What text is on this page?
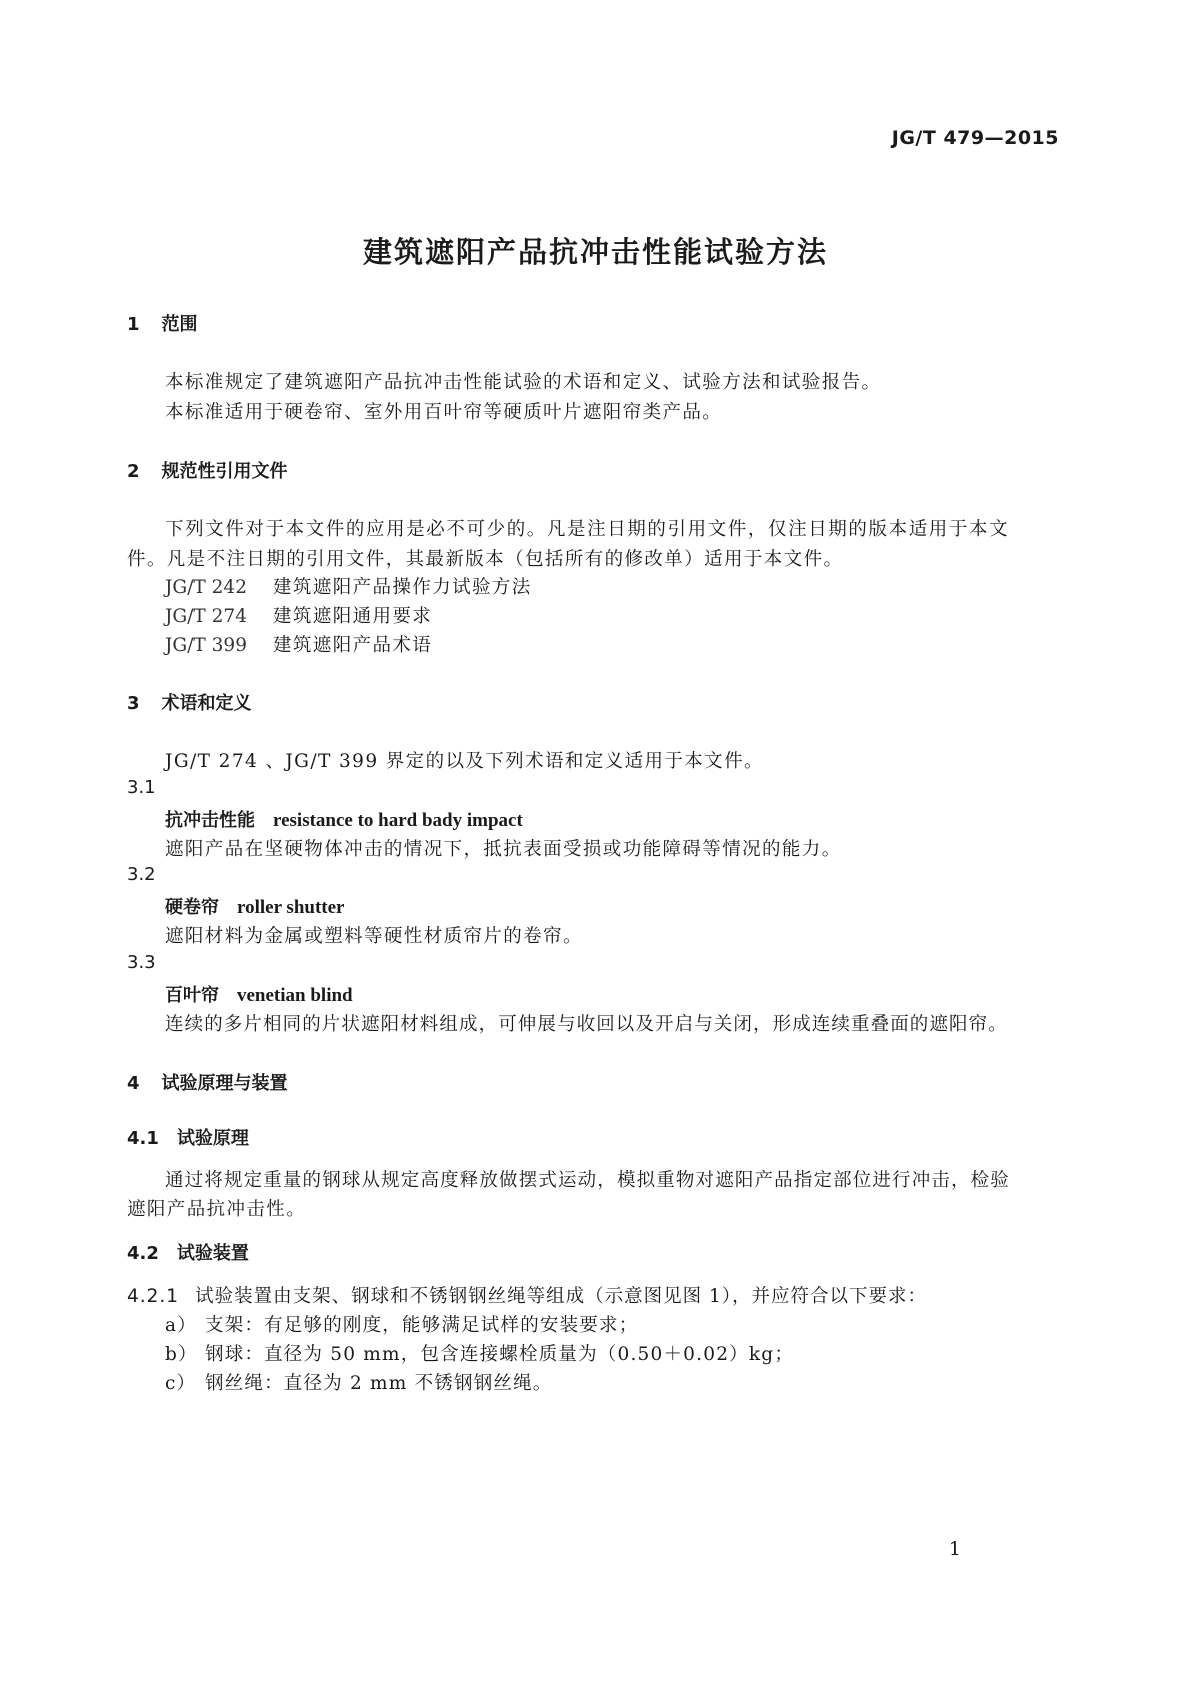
JG/T 479—2015
建筑遮阳产品抗冲击性能试验方法
1 范围
本标准规定了建筑遮阳产品抗冲击性能试验的术语和定义、试验方法和试验报告。
本标准适用于硬卷帘、室外用百叶帘等硬质叶片遮阳帘类产品。
2 规范性引用文件
下列文件对于本文件的应用是必不可少的。凡是注日期的引用文件，仅注日期的版本适用于本文
件。凡是不注日期的引用文件，其最新版本（包括所有的修改单）适用于本文件。
JG/T 242 建筑遮阳产品操作力试验方法
JG/T 274 建筑遮阳通用要求
JG/T 399 建筑遮阳产品术语
3 术语和定义
JG/T 274 、JG/T 399 界定的以及下列术语和定义适用于本文件。
3.1
抗冲击性能 resistance to hard bady impact
遮阳产品在坚硬物体冲击的情况下，抵抗表面受损或功能障碍等情况的能力。
3.2
硬卷帘 roller shutter
遮阳材料为金属或塑料等硬性材质帘片的卷帘。
3.3
百叶帘 venetian blind
连续的多片相同的片状遮阳材料组成，可伸展与收回以及开启与关闭，形成连续重叠面的遮阳帘。
4 试验原理与装置
4.1 试验原理
通过将规定重量的钢球从规定高度释放做摆式运动，模拟重物对遮阳产品指定部位进行冲击，检验
遮阳产品抗冲击性。
4.2 试验装置
4.2.1 试验装置由支架、钢球和不锈钢钢丝绳等组成（示意图见图 1），并应符合以下要求：
a） 支架：有足够的刚度，能够满足试样的安装要求；
b） 钢球：直径为 50 mm，包含连接螺栓质量为（0.50＋0.02）kg；
c） 钢丝绳：直径为 2 mm 不锈钢钢丝绳。
1
